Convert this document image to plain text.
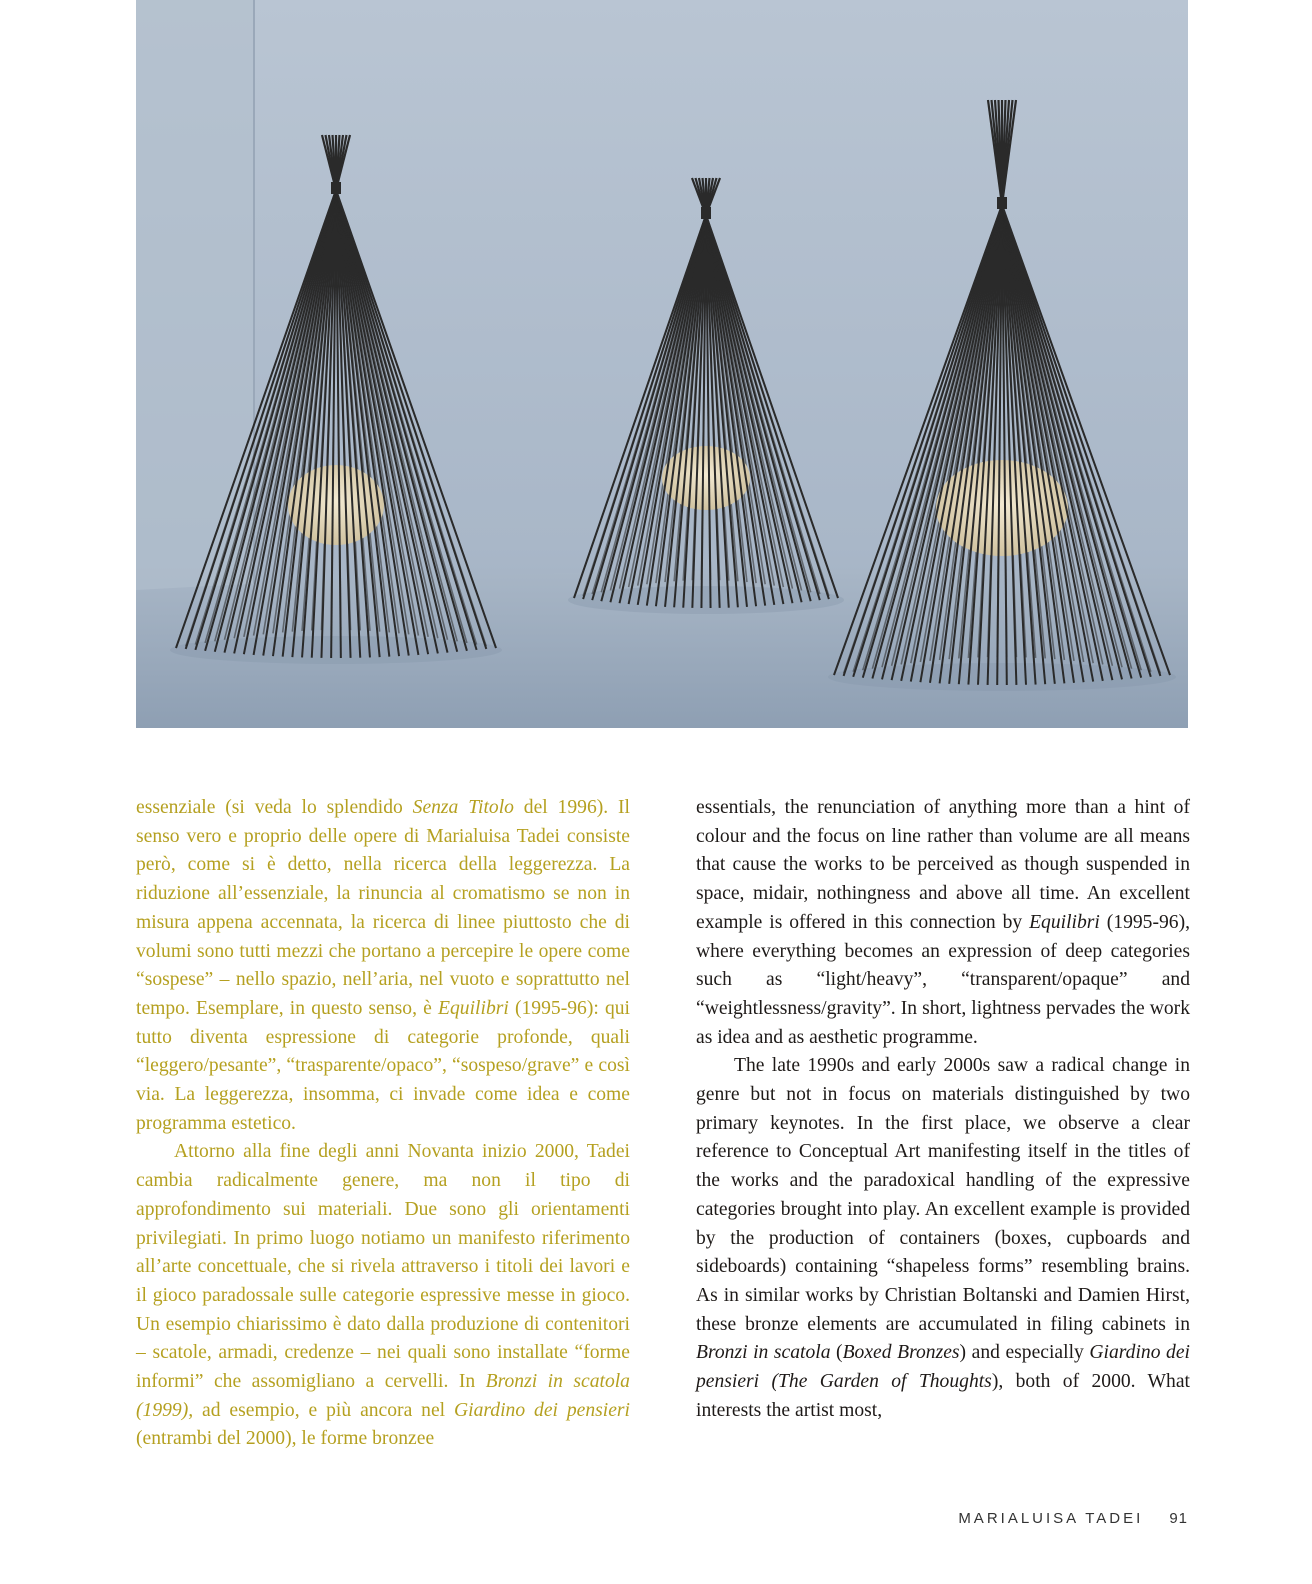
essenziale (si veda lo splendido Senza Titolo del 1996). Il senso vero e proprio delle opere di Marialuisa Tadei consiste però, come si è detto, nella ricerca della leggerezza. La riduzione all’essenziale, la rinuncia al cromatismo se non in misura appena accennata, la ricerca di linee piuttosto che di volumi sono tutti mezzi che portano a percepire le opere come “sospese” – nello spazio, nell’aria, nel vuoto e soprattutto nel tempo. Esemplare, in questo senso, è Equilibri (1995-96): qui tutto diventa espressione di categorie profonde, quali “leggero/pesante”, “trasparente/opaco”, “sospeso/grave” e così via. La leggerezza, insomma, ci invade come idea e come programma estetico.

Attorno alla fine degli anni Novanta inizio 2000, Tadei cambia radicalmente genere, ma non il tipo di approfondimento sui materiali. Due sono gli orientamenti privilegiati. In primo luogo notiamo un manifesto riferimento all’arte concettuale, che si rivela attraverso i titoli dei lavori e il gioco paradossale sulle categorie espressive messe in gioco. Un esempio chiarissimo è dato dalla produzione di contenitori – scatole, armadi, credenze – nei quali sono installate “forme informi” che assomigliano a cervelli. In Bronzi in scatola (1999), ad esempio, e più ancora nel Giardino dei pensieri (entrambi del 2000), le forme bronzee

essentials, the renunciation of anything more than a hint of colour and the focus on line rather than volume are all means that cause the works to be perceived as though suspended in space, midair, nothingness and above all time. An excellent example is offered in this connection by Equilibri (1995-96), where everything becomes an expression of deep categories such as “light/heavy”, “transparent/opaque” and “weightlessness/gravity”. In short, lightness pervades the work as idea and as aesthetic programme.

The late 1990s and early 2000s saw a radical change in genre but not in focus on materials distinguished by two primary keynotes. In the first place, we observe a clear reference to Conceptual Art manifesting itself in the titles of the works and the paradoxical handling of the expressive categories brought into play. An excellent example is provided by the production of containers (boxes, cupboards and sideboards) containing “shapeless forms” resembling brains. As in similar works by Christian Boltanski and Damien Hirst, these bronze elements are accumulated in filing cabinets in Bronzi in scatola (Boxed Bronzes) and especially Giardino dei pensieri (The Garden of Thoughts), both of 2000. What interests the artist most,

MARIALUISA TADEI 91
